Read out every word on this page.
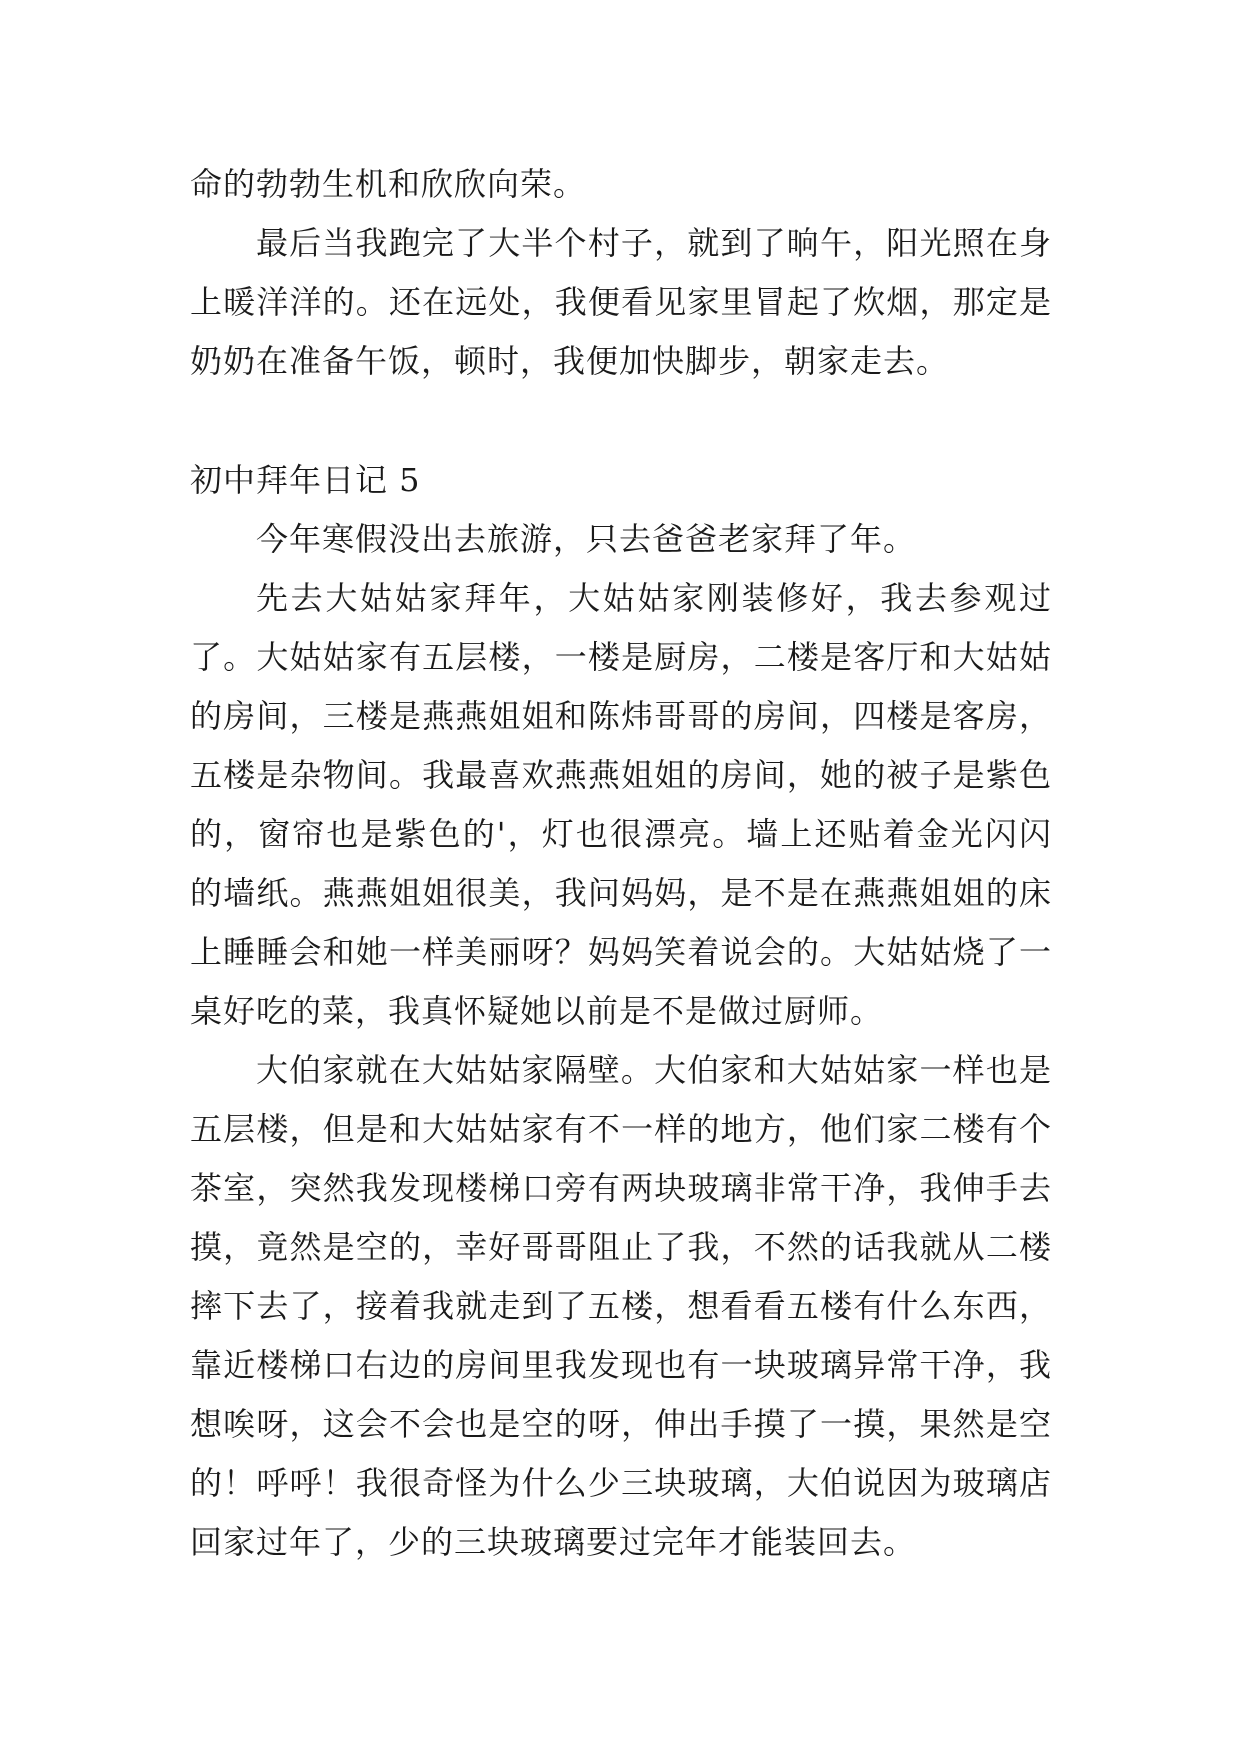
命的勃勃生机和欣欣向荣。

最后当我跑完了大半个村子，就到了晌午，阳光照在身上暖洋洋的。还在远处，我便看见家里冒起了炊烟，那定是奶奶在准备午饭，顿时，我便加快脚步，朝家走去。

初中拜年日记 5

今年寒假没出去旅游，只去爸爸老家拜了年。

先去大姑姑家拜年，大姑姑家刚装修好，我去参观过了。大姑姑家有五层楼，一楼是厨房，二楼是客厅和大姑姑的房间，三楼是燕燕姐姐和陈炜哥哥的房间，四楼是客房，五楼是杂物间。我最喜欢燕燕姐姐的房间，她的被子是紫色的，窗帘也是紫色的'，灯也很漂亮。墙上还贴着金光闪闪的墙纸。燕燕姐姐很美，我问妈妈，是不是在燕燕姐姐的床上睡睡会和她一样美丽呀？妈妈笑着说会的。大姑姑烧了一桌好吃的菜，我真怀疑她以前是不是做过厨师。

大伯家就在大姑姑家隔壁。大伯家和大姑姑家一样也是五层楼，但是和大姑姑家有不一样的地方，他们家二楼有个茶室，突然我发现楼梯口旁有两块玻璃非常干净，我伸手去摸，竟然是空的，幸好哥哥阻止了我，不然的话我就从二楼摔下去了，接着我就走到了五楼，想看看五楼有什么东西，靠近楼梯口右边的房间里我发现也有一块玻璃异常干净，我想唉呀，这会不会也是空的呀，伸出手摸了一摸，果然是空的！呼呼！我很奇怪为什么少三块玻璃，大伯说因为玻璃店回家过年了，少的三块玻璃要过完年才能装回去。
